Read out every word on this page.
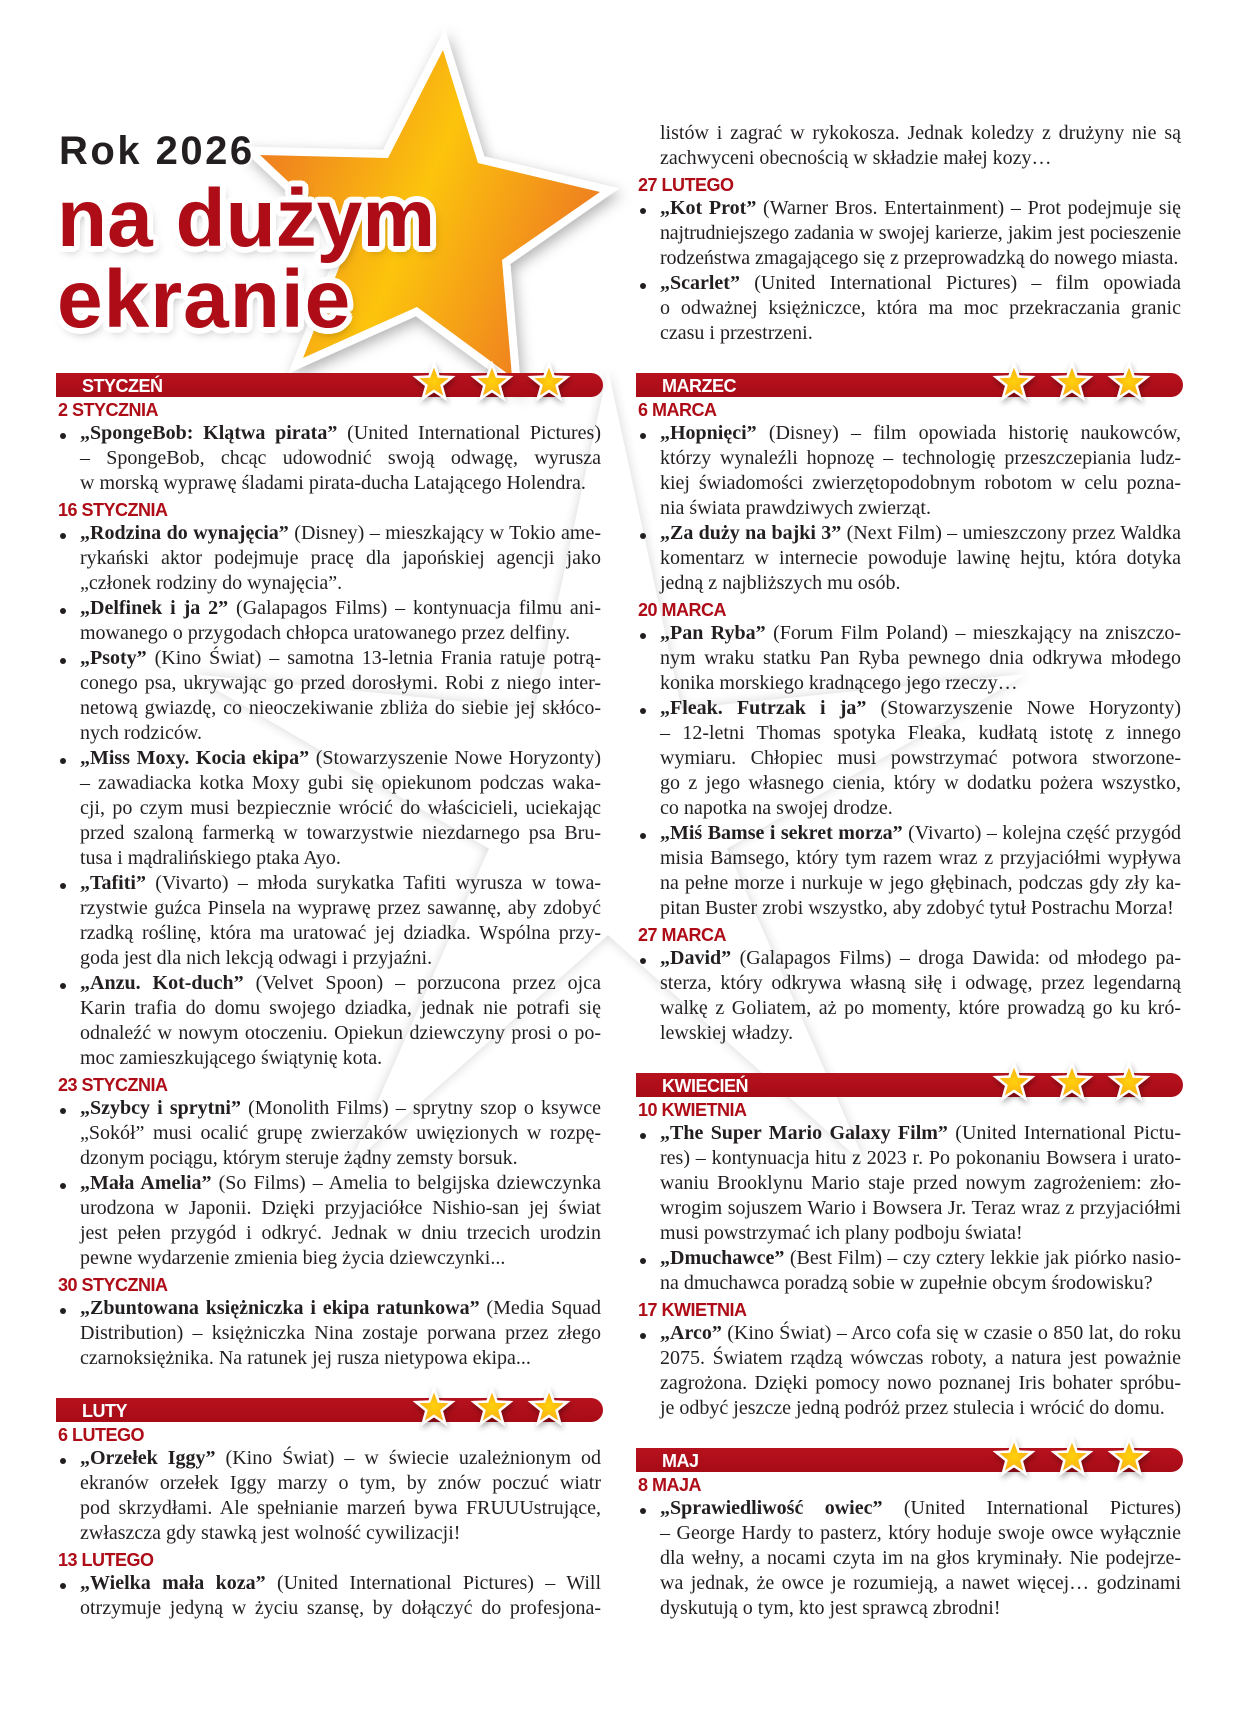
Rok 2026
na dużym
ekranie
STYCZEŃ
2 STYCZNIA
„SpongeBob: Klątwa pirata” (United International Pictures)
– SpongeBob, chcąc udowodnić swoją odwagę, wyrusza
w morską wyprawę śladami pirata-ducha Latającego Holendra.
16 STYCZNIA
„Rodzina do wynajęcia” (Disney) – mieszkający w Tokio ame-
rykański aktor podejmuje pracę dla japońskiej agencji jako
„członek rodziny do wynajęcia”.
„Delfinek i ja 2” (Galapagos Films) – kontynuacja filmu ani-
mowanego o przygodach chłopca uratowanego przez delfiny.
„Psoty” (Kino Świat) – samotna 13-letnia Frania ratuje potrą-
conego psa, ukrywając go przed dorosłymi. Robi z niego inter-
netową gwiazdę, co nieoczekiwanie zbliża do siebie jej skłóco-
nych rodziców.
„Miss Moxy. Kocia ekipa” (Stowarzyszenie Nowe Horyzonty)
– zawadiacka kotka Moxy gubi się opiekunom podczas waka-
cji, po czym musi bezpiecznie wrócić do właścicieli, uciekając
przed szaloną farmerką w towarzystwie niezdarnego psa Bru-
tusa i mądralińskiego ptaka Ayo.
„Tafiti” (Vivarto) – młoda surykatka Tafiti wyrusza w towa-
rzystwie guźca Pinsela na wyprawę przez sawannę, aby zdobyć
rzadką roślinę, która ma uratować jej dziadka. Wspólna przy-
goda jest dla nich lekcją odwagi i przyjaźni.
„Anzu. Kot-duch” (Velvet Spoon) – porzucona przez ojca
Karin trafia do domu swojego dziadka, jednak nie potrafi się
odnaleźć w nowym otoczeniu. Opiekun dziewczyny prosi o po-
moc zamieszkującego świątynię kota.
23 STYCZNIA
„Szybcy i sprytni” (Monolith Films) – sprytny szop o ksywce
„Sokół” musi ocalić grupę zwierzaków uwięzionych w rozpę-
dzonym pociągu, którym steruje żądny zemsty borsuk.
„Mała Amelia” (So Films) – Amelia to belgijska dziewczynka
urodzona w Japonii. Dzięki przyjaciółce Nishio-san jej świat
jest pełen przygód i odkryć. Jednak w dniu trzecich urodzin
pewne wydarzenie zmienia bieg życia dziewczynki...
30 STYCZNIA
„Zbuntowana księżniczka i ekipa ratunkowa” (Media Squad
Distribution) – księżniczka Nina zostaje porwana przez złego
czarnoksiężnika. Na ratunek jej rusza nietypowa ekipa...
LUTY
6 LUTEGO
„Orzełek Iggy” (Kino Świat) – w świecie uzależnionym od
ekranów orzełek Iggy marzy o tym, by znów poczuć wiatr
pod skrzydłami. Ale spełnianie marzeń bywa FRUUUstrujące,
zwłaszcza gdy stawką jest wolność cywilizacji!
13 LUTEGO
„Wielka mała koza” (United International Pictures) – Will
otrzymuje jedyną w życiu szansę, by dołączyć do profesjona-
listów i zagrać w rykokosza. Jednak koledzy z drużyny nie są
zachwyceni obecnością w składzie małej kozy…
27 LUTEGO
„Kot Prot” (Warner Bros. Entertainment) – Prot podejmuje się
najtrudniejszego zadania w swojej karierze, jakim jest pocieszenie
rodzeństwa zmagającego się z przeprowadzką do nowego miasta.
„Scarlet” (United International Pictures) – film opowiada
o odważnej księżniczce, która ma moc przekraczania granic
czasu i przestrzeni.
MARZEC
6 MARCA
„Hopnięci” (Disney) – film opowiada historię naukowców,
którzy wynaleźli hopnozę – technologię przeszczepiania ludz-
kiej świadomości zwierzętopodobnym robotom w celu pozna-
nia świata prawdziwych zwierząt.
„Za duży na bajki 3” (Next Film) – umieszczony przez Waldka
komentarz w internecie powoduje lawinę hejtu, która dotyka
jedną z najbliższych mu osób.
20 MARCA
„Pan Ryba” (Forum Film Poland) – mieszkający na zniszczo-
nym wraku statku Pan Ryba pewnego dnia odkrywa młodego
konika morskiego kradnącego jego rzeczy…
„Fleak. Futrzak i ja” (Stowarzyszenie Nowe Horyzonty)
– 12-letni Thomas spotyka Fleaka, kudłatą istotę z innego
wymiaru. Chłopiec musi powstrzymać potwora stworzone-
go z jego własnego cienia, który w dodatku pożera wszystko,
co napotka na swojej drodze.
„Miś Bamse i sekret morza” (Vivarto) – kolejna część przygód
misia Bamsego, który tym razem wraz z przyjaciółmi wypływa
na pełne morze i nurkuje w jego głębinach, podczas gdy zły ka-
pitan Buster zrobi wszystko, aby zdobyć tytuł Postrachu Morza!
27 MARCA
„David” (Galapagos Films) – droga Dawida: od młodego pa-
sterza, który odkrywa własną siłę i odwagę, przez legendarną
walkę z Goliatem, aż po momenty, które prowadzą go ku kró-
lewskiej władzy.
KWIECIEŃ
10 KWIETNIA
„The Super Mario Galaxy Film” (United International Pictu-
res) – kontynuacja hitu z 2023 r. Po pokonaniu Bowsera i urato-
waniu Brooklynu Mario staje przed nowym zagrożeniem: zło-
wrogim sojuszem Wario i Bowsera Jr. Teraz wraz z przyjaciółmi
musi powstrzymać ich plany podboju świata!
„Dmuchawce” (Best Film) – czy cztery lekkie jak piórko nasio-
na dmuchawca poradzą sobie w zupełnie obcym środowisku?
17 KWIETNIA
„Arco” (Kino Świat) – Arco cofa się w czasie o 850 lat, do roku
2075. Światem rządzą wówczas roboty, a natura jest poważnie
zagrożona. Dzięki pomocy nowo poznanej Iris bohater spróbu-
je odbyć jeszcze jedną podróż przez stulecia i wrócić do domu.
MAJ
8 MAJA
„Sprawiedliwość owiec” (United International Pictures)
– George Hardy to pasterz, który hoduje swoje owce wyłącznie
dla wełny, a nocami czyta im na głos kryminały. Nie podejrze-
wa jednak, że owce je rozumieją, a nawet więcej… godzinami
dyskutują o tym, kto jest sprawcą zbrodni!
